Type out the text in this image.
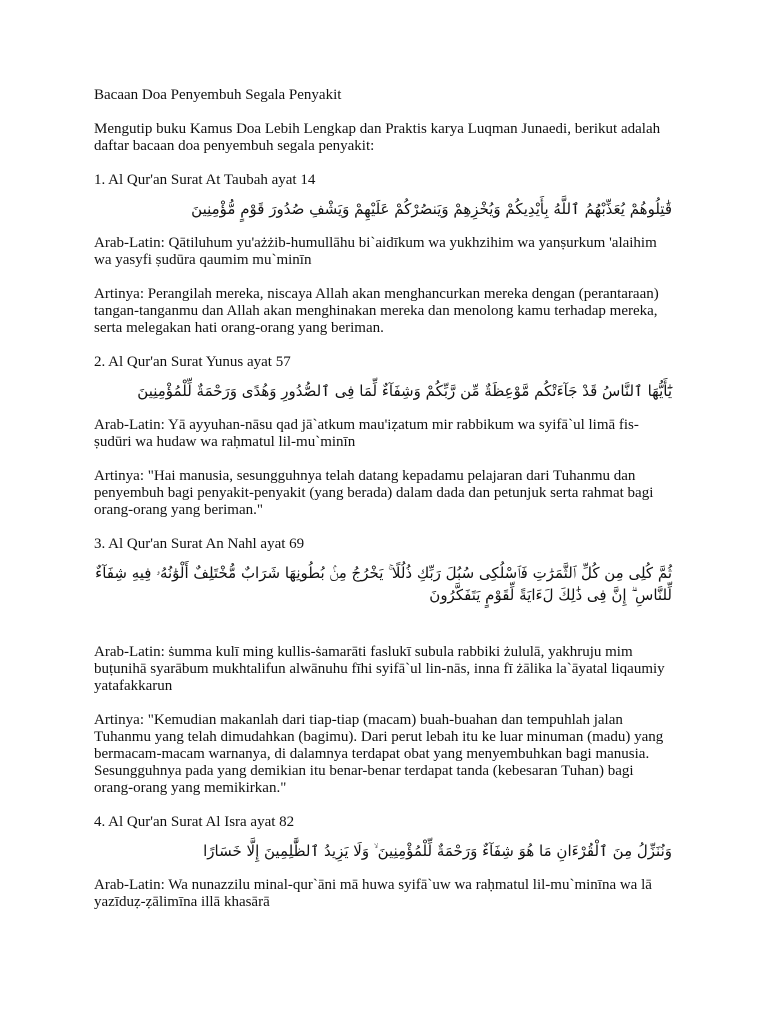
Bacaan Doa Penyembuh Segala Penyakit

Mengutip buku Kamus Doa Lebih Lengkap dan Praktis karya Luqman Junaedi, berikut adalah daftar bacaan doa penyembuh segala penyakit:

1. Al Qur'an Surat At Taubah ayat 14

قَٰتِلُوهُمْ يُعَذِّبْهُمُ ٱللَّهُ بِأَيْدِيكُمْ وَيُخْزِهِمْ وَيَنصُرْكُمْ عَلَيْهِمْ وَيَشْفِ صُدُورَ قَوْمٍ مُّؤْمِنِينَ

Arab-Latin: Qātiluhum yu'ażżib-humullāhu bi`aidīkum wa yukhzihim wa yanṣurkum 'alaihim wa yasyfi ṣudūra qaumim mu`minīn

Artinya: Perangilah mereka, niscaya Allah akan menghancurkan mereka dengan (perantaraan) tangan-tanganmu dan Allah akan menghinakan mereka dan menolong kamu terhadap mereka, serta melegakan hati orang-orang yang beriman.

2. Al Qur'an Surat Yunus ayat 57

يَٰٓأَيُّهَا ٱلنَّاسُ قَدْ جَآءَتْكُم مَّوْعِظَةٌ مِّن رَّبِّكُمْ وَشِفَآءٌ لِّمَا فِى ٱلصُّدُورِ وَهُدًى وَرَحْمَةٌ لِّلْمُؤْمِنِينَ

Arab-Latin: Yā ayyuhan-nāsu qad jā`atkum mau'iẓatum mir rabbikum wa syifā`ul limā fis-ṣudūri wa hudaw wa raḥmatul lil-mu`minīn

Artinya: "Hai manusia, sesungguhnya telah datang kepadamu pelajaran dari Tuhanmu dan penyembuh bagi penyakit-penyakit (yang berada) dalam dada dan petunjuk serta rahmat bagi orang-orang yang beriman."

3. Al Qur'an Surat An Nahl ayat 69

ثُمَّ كُلِى مِن كُلِّ ٱلثَّمَرَٰتِ فَٱسْلُكِى سُبُلَ رَبِّكِ ذُلُلًا ۚ يَخْرُجُ مِنۢ بُطُونِهَا شَرَابٌ مُّخْتَلِفٌ أَلْوَٰنُهُۥ فِيهِ شِفَآءٌ لِّلنَّاسِ ۗ إِنَّ فِى ذَٰلِكَ لَءَايَةً لِّقَوْمٍ يَتَفَكَّرُونَ

Arab-Latin: ṡumma kulī ming kullis-ṡamarāti faslukī subula rabbiki żululā, yakhruju mim buṭunihā syarābum mukhtalifun alwānuhu fīhi syifā`ul lin-nās, inna fī żālika la`āyatal liqaumiy yatafakkarun

Artinya: "Kemudian makanlah dari tiap-tiap (macam) buah-buahan dan tempuhlah jalan Tuhanmu yang telah dimudahkan (bagimu). Dari perut lebah itu ke luar minuman (madu) yang bermacam-macam warnanya, di dalamnya terdapat obat yang menyembuhkan bagi manusia. Sesungguhnya pada yang demikian itu benar-benar terdapat tanda (kebesaran Tuhan) bagi orang-orang yang memikirkan."

4. Al Qur'an Surat Al Isra ayat 82

وَنُنَزِّلُ مِنَ ٱلْقُرْءَانِ مَا هُوَ شِفَآءٌ وَرَحْمَةٌ لِّلْمُؤْمِنِينَ ۙ وَلَا يَزِيدُ ٱلظَّٰلِمِينَ إِلَّا خَسَارًا

Arab-Latin: Wa nunazzilu minal-qur`āni mā huwa syifā`uw wa raḥmatul lil-mu`minīna wa lā yazīduẓ-ẓālimīna illā khasārā
